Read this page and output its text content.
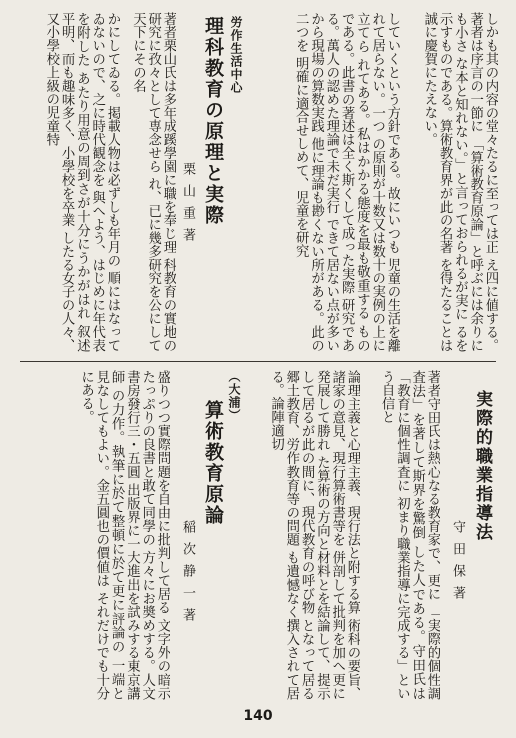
しかも其の内容の堂々たるに至っては正 え四に値する。著者は序言の一節に 「算術教育原論」と呼ぶには余りにも小さ な本と知れない。」と言っておられるが実に るを示すものである。算術教育界が此の名著 を得たることは誠に慶賀にたえない。
していくという方針である。故にいつも 児童の生活を離れて居らない。一つ の原則が十数又は数十の実例の上に立てら れてある。私はかかる態度を最も敬重する ものである。此書の著述は全く斯くして成った実際 研究である。萬人の認めた理論で未だ実行 できて居ない点が多いから現場の算数実践 他に理論も尠くない所がある。此の二つを 明確に適合せしめて、児童を研究
労作生活中心
理科教育の原理と実際
栗山重著
著者栗山氏は多年成蹊學園に職を奉じ理 科教育の實地の研究に孜々として専念せら れ、已に幾多研究を公にして天下にその名
かにしてゐる。掲載人物は必ずしも年月の 順にはなってゐないので、之に時代観念を 與へよう、はじめに年代表を附した あたり用意の周到さが十分にうかがはれ 叙述平明、而も趣味多く、小學校を卒業 したる女子の人々、又小學校上級の児童特
実際的職業指導法
守田保著
著者守田氏は熱心なる教育家で、更に 「実際的個性調査法」を著して斯界を驚倒 した人である。守田氏は「教育に個性調査に 初まり職業指導に完成する」という自信と
論理主義と心理主義、現行法と附する算 術科の要旨、諸家の意見、現行算術書等を 併剖して批判を加へ更に発展して勝れ た算術の方向と材料とを結論して、提示 して居るが此の間に、現代教育の呼び物 となって居る郷土教育、労作教育等の問題 も遺憾なく撰入されて居る。論陣適切
（大浦）
算術教育原論
稲次静一著
盛りつつ實際問題を自由に批判して居る 文字外の暗示たっぷりの良書と敢て同學の 方々にお奬めする。人文書房發行三・五圓 出版界に一大進出を試みする東京講師 の力作。執筆に於て整頓に於て更に評論の 一端と見なしてもよい。金五圓也の價値は それだけでも十分にある。
140
